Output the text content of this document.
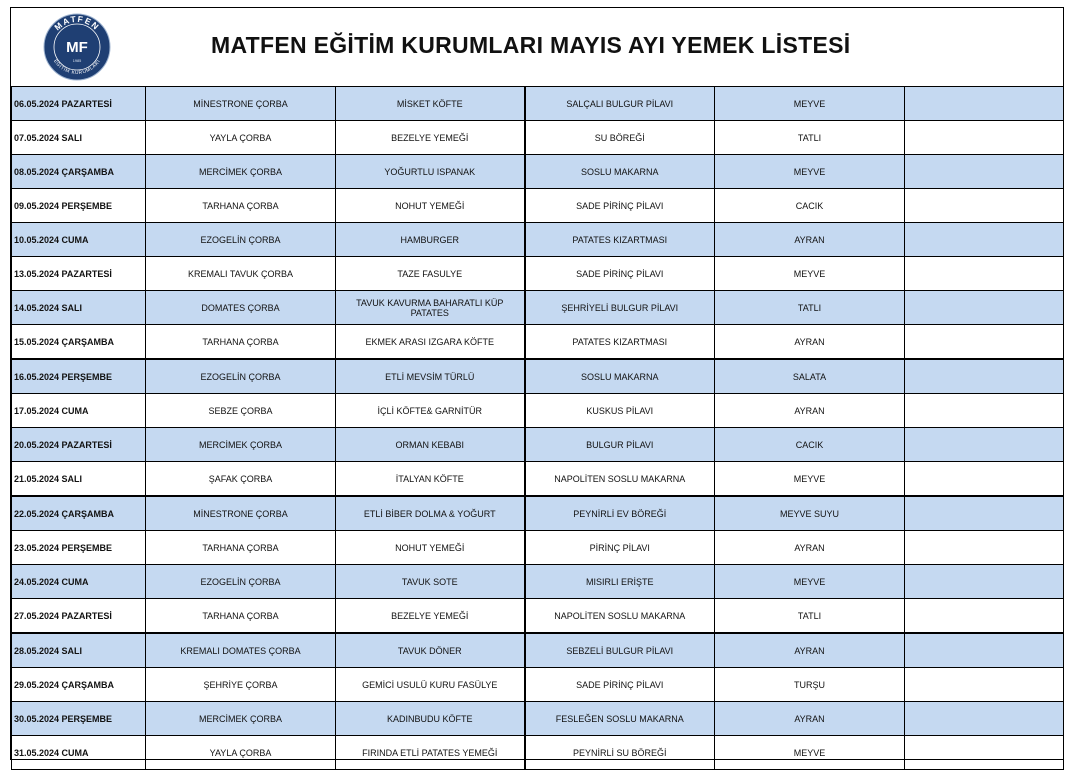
MATFEN
EĞİTİM KURUMLARI
MF
1985
MATFEN EĞİTİM KURUMLARI MAYIS AYI YEMEK LİSTESİ
06.05.2024 PAZARTESİ	MİNESTRONE ÇORBA	MİSKET KÖFTE	SALÇALI BULGUR PİLAVI	MEYVE	
07.05.2024 SALI	YAYLA ÇORBA	BEZELYE YEMEĞİ	SU BÖREĞİ	TATLI	
08.05.2024 ÇARŞAMBA	MERCİMEK ÇORBA	YOĞURTLU ISPANAK	SOSLU MAKARNA	MEYVE	
09.05.2024 PERŞEMBE	TARHANA ÇORBA	NOHUT YEMEĞİ	SADE PİRİNÇ PİLAVI	CACIK	
10.05.2024 CUMA	EZOGELİN ÇORBA	HAMBURGER	PATATES KIZARTMASI	AYRAN	
13.05.2024 PAZARTESİ	KREMALI TAVUK ÇORBA	TAZE FASULYE	SADE PİRİNÇ PİLAVI	MEYVE	
14.05.2024 SALI	DOMATES ÇORBA	TAVUK KAVURMA BAHARATLI KÜP PATATES	ŞEHRİYELİ BULGUR PİLAVI	TATLI	
15.05.2024 ÇARŞAMBA	TARHANA ÇORBA	EKMEK ARASI IZGARA KÖFTE	PATATES KIZARTMASI	AYRAN	
16.05.2024 PERŞEMBE	EZOGELİN ÇORBA	ETLİ MEVSİM TÜRLÜ	SOSLU MAKARNA	SALATA	
17.05.2024 CUMA	SEBZE ÇORBA	İÇLİ KÖFTE& GARNİTÜR	KUSKUS PİLAVI	AYRAN	
20.05.2024 PAZARTESİ	MERCİMEK ÇORBA	ORMAN KEBABI	BULGUR PİLAVI	CACIK	
21.05.2024 SALI	ŞAFAK ÇORBA	İTALYAN KÖFTE	NAPOLİTEN SOSLU MAKARNA	MEYVE	
22.05.2024 ÇARŞAMBA	MİNESTRONE ÇORBA	ETLİ BİBER DOLMA & YOĞURT	PEYNİRLİ EV BÖREĞİ	MEYVE SUYU	
23.05.2024 PERŞEMBE	TARHANA ÇORBA	NOHUT YEMEĞİ	PİRİNÇ PİLAVI	AYRAN	
24.05.2024 CUMA	EZOGELİN ÇORBA	TAVUK SOTE	MISIRLI ERİŞTE	MEYVE	
27.05.2024 PAZARTESİ	TARHANA ÇORBA	BEZELYE YEMEĞİ	NAPOLİTEN SOSLU MAKARNA	TATLI	
28.05.2024 SALI	KREMALI DOMATES ÇORBA	TAVUK DÖNER	SEBZELİ BULGUR PİLAVI	AYRAN	
29.05.2024 ÇARŞAMBA	ŞEHRİYE ÇORBA	GEMİCİ USULÜ KURU FASÜLYE	SADE PİRİNÇ PİLAVI	TURŞU	
30.05.2024 PERŞEMBE	MERCİMEK ÇORBA	KADINBUDU KÖFTE	FESLEĞEN SOSLU MAKARNA	AYRAN	
31.05.2024 CUMA	YAYLA ÇORBA	FIRINDA ETLİ PATATES YEMEĞİ	PEYNİRLİ SU BÖREĞİ	MEYVE	
